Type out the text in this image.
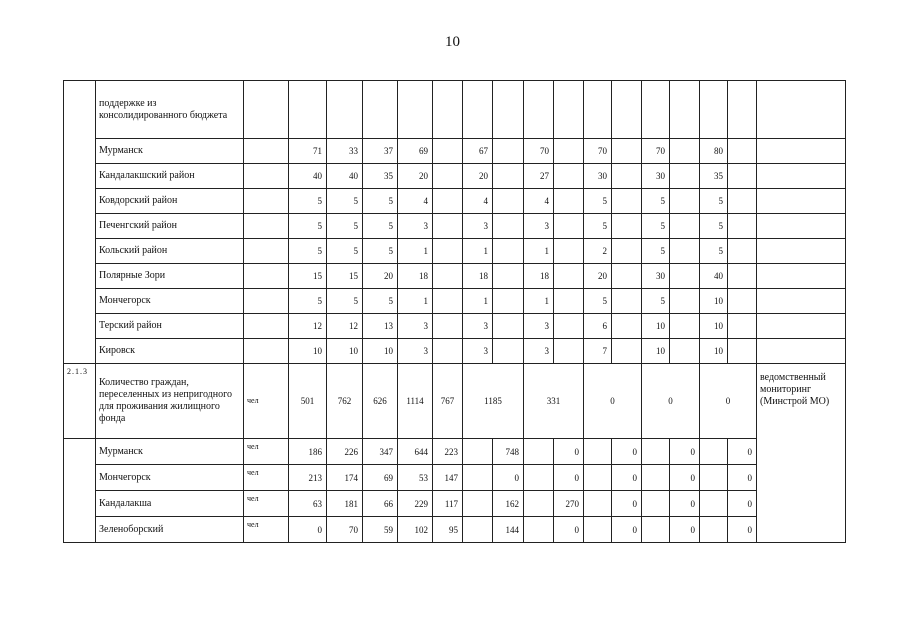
10
	поддержке из консолидированного бюджета																	
	Мурманск		71	33	37	69		67		70		70		70		80		
	Кандалакшский район		40	40	35	20		20		27		30		30		35		
	Ковдорский район		5	5	5	4		4		4		5		5		5		
	Печенгский район		5	5	5	3		3		3		5		5		5		
	Кольский район		5	5	5	1		1		1		2		5		5		
	Полярные Зори		15	15	20	18		18		18		20		30		40		
	Мончегорск		5	5	5	1		1		1		5		5		10		
	Терский район		12	12	13	3		3		3		6		10		10		
	Кировск		10	10	10	3		3		3		7		10		10		
2.1.3	Количество граждан, переселенных из непригодного для проживания жилищного фонда	чел	501	762	626	1114	767	1185		331		0		0		0		ведомственный мониторинг (Минстрой МО)
	Мурманск	чел	186	226	347	644	223		748		0		0		0		0	
	Мончегорск	чел	213	174	69	53	147		0		0		0		0		0	
	Кандалакша	чел	63	181	66	229	117		162		270		0		0		0	
	Зеленоборский	чел	0	70	59	102	95		144		0		0		0		0	
